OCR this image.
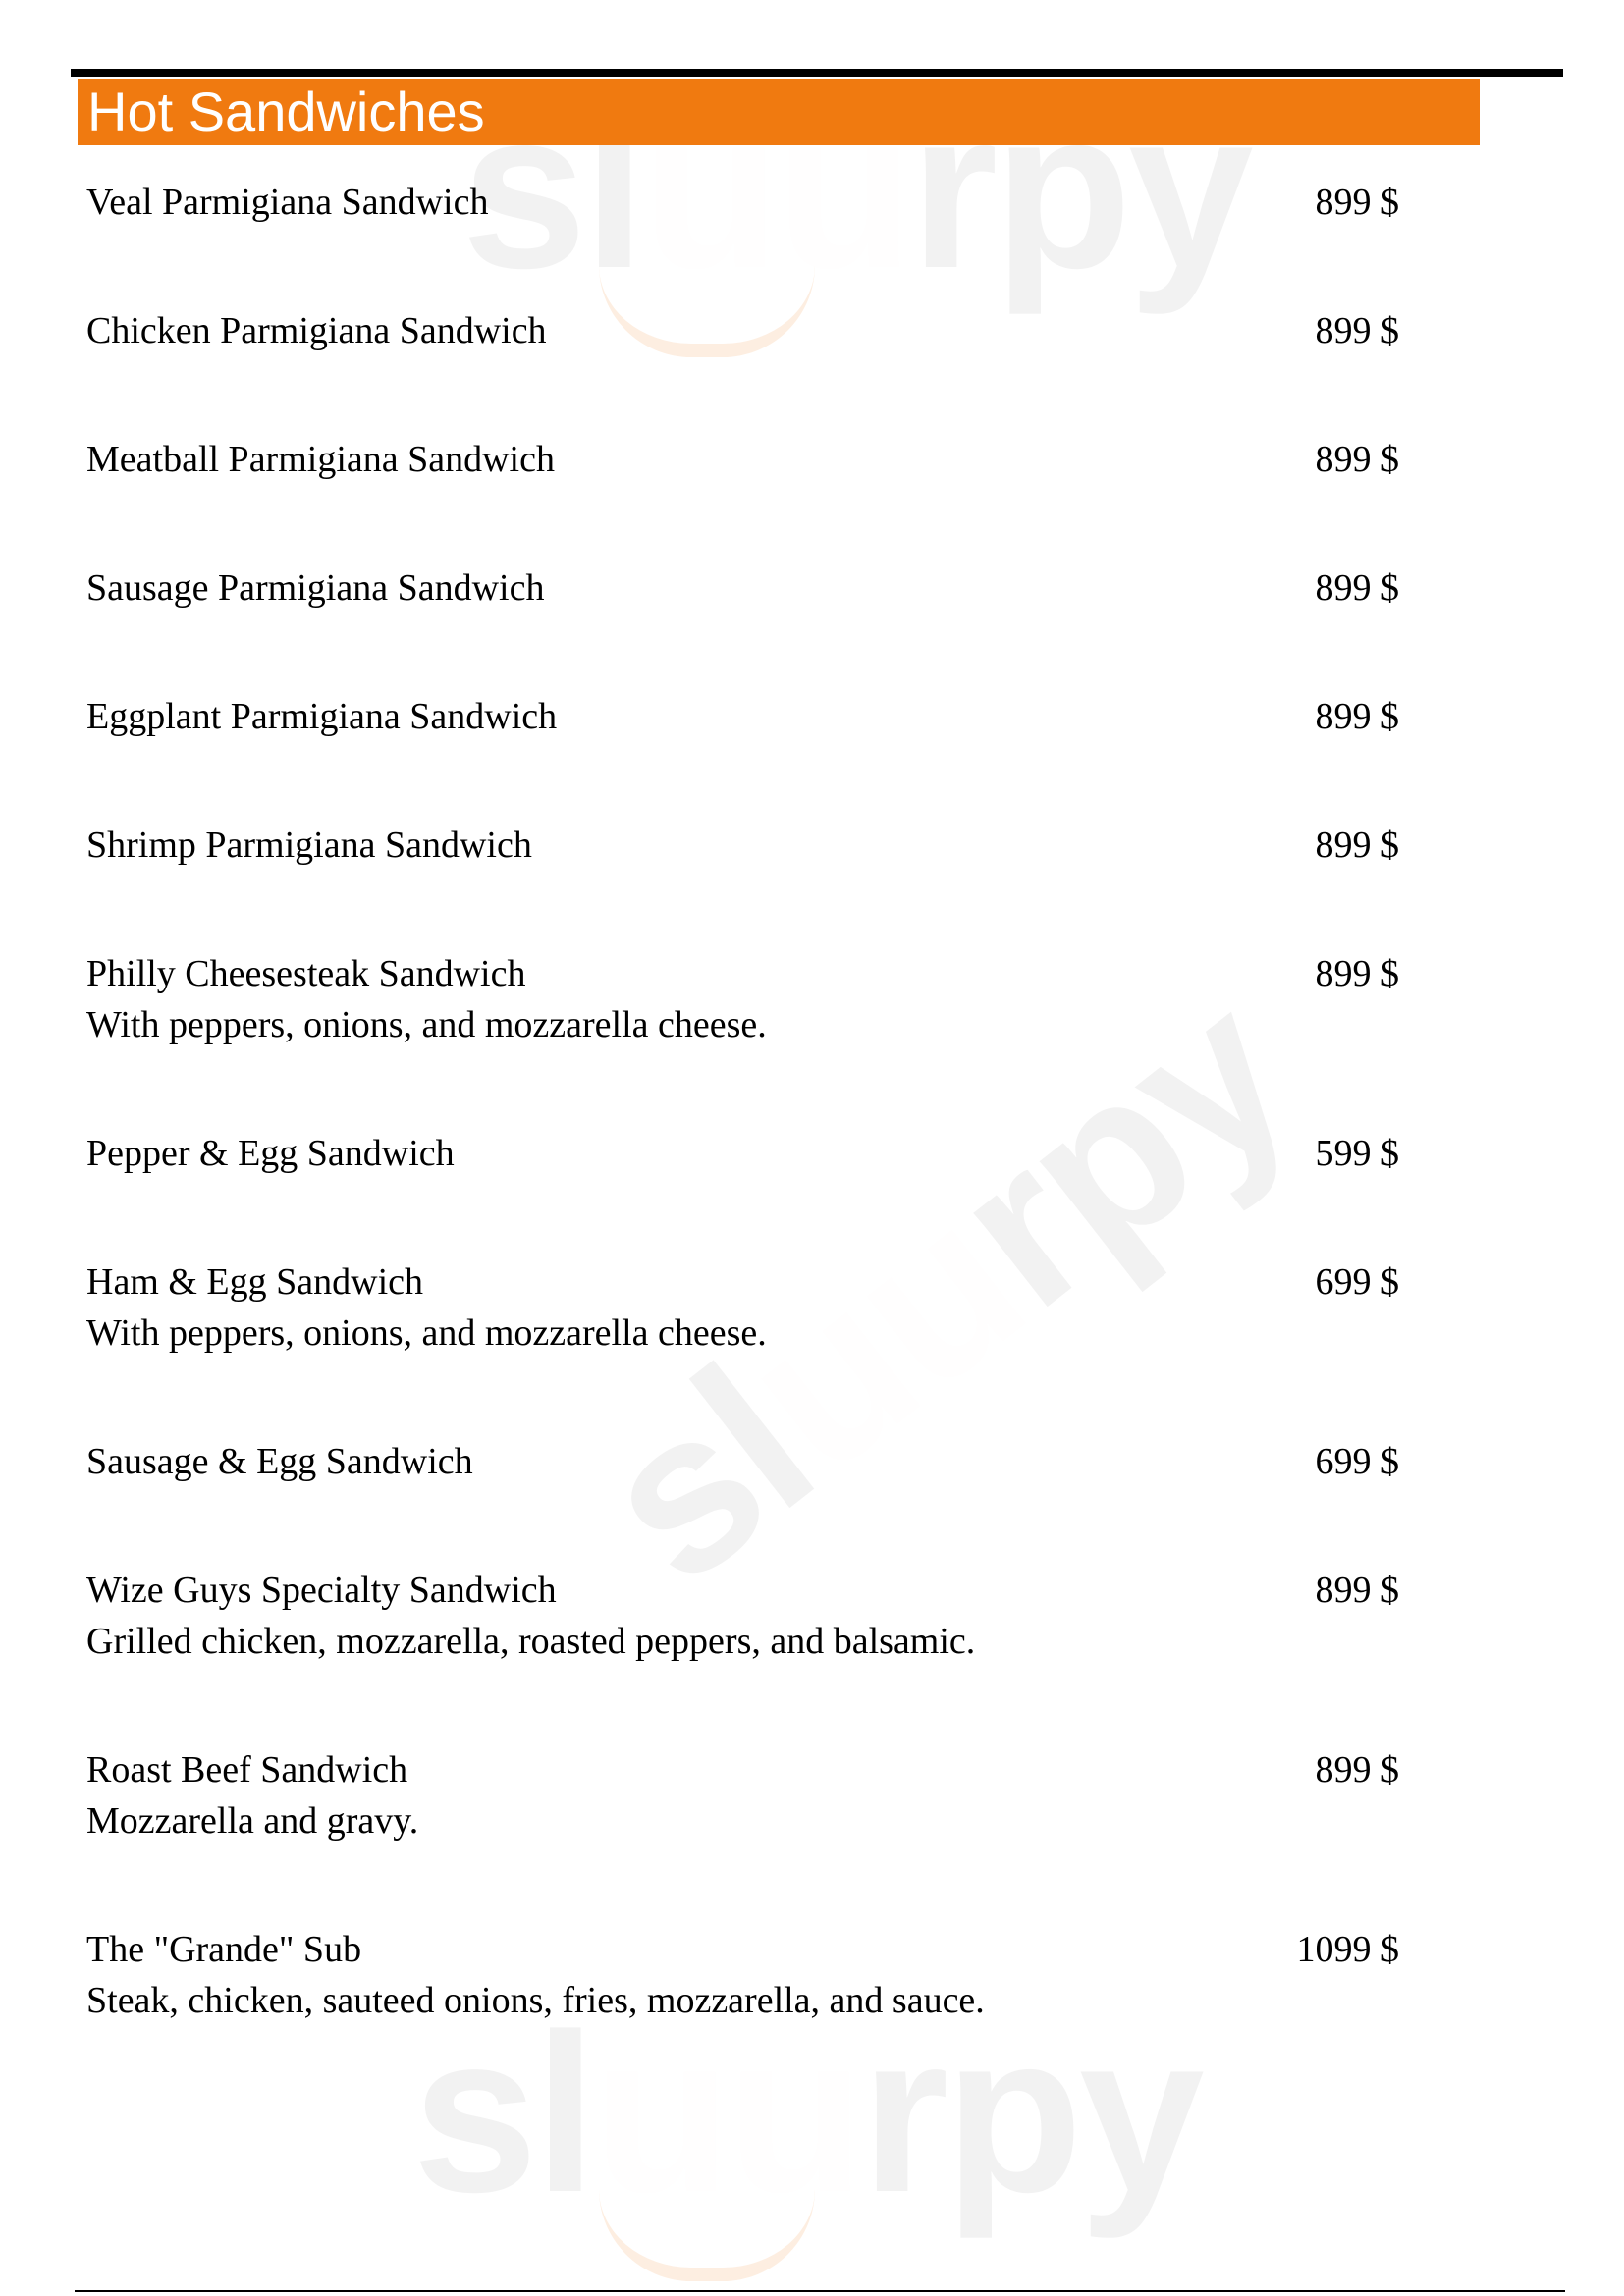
sl rpy
slrpy
sl rpy
Hot Sandwiches
Veal Parmigiana Sandwich	899 $
Chicken Parmigiana Sandwich	899 $
Meatball Parmigiana Sandwich	899 $
Sausage Parmigiana Sandwich	899 $
Eggplant Parmigiana Sandwich	899 $
Shrimp Parmigiana Sandwich	899 $
Philly Cheesesteak Sandwich	899 $
With peppers, onions, and mozzarella cheese.
Pepper & Egg Sandwich	599 $
Ham & Egg Sandwich	699 $
With peppers, onions, and mozzarella cheese.
Sausage & Egg Sandwich	699 $
Wize Guys Specialty Sandwich	899 $
Grilled chicken, mozzarella, roasted peppers, and balsamic.
Roast Beef Sandwich	899 $
Mozzarella and gravy.
The "Grande" Sub	1099 $
Steak, chicken, sauteed onions, fries, mozzarella, and sauce.
